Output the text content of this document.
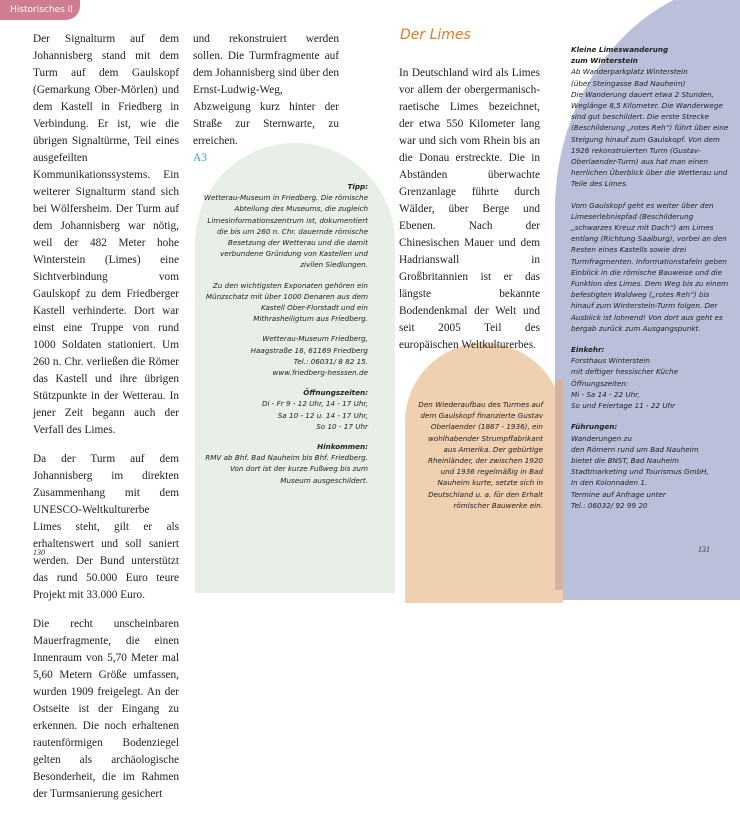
Historisches II

Der Signalturm auf dem Johannisberg stand mit dem Turm auf dem Gaulskopf (Gemarkung Ober-Mörlen) und dem Kastell in Friedberg in Verbindung. Er ist, wie die übrigen Signaltürme, Teil eines ausgefeilten Kommunikationssystems. Ein weiterer Signalturm stand sich bei Wölfersheim. Der Turm auf dem Johannisberg war nötig, weil der 482 Meter hohe Winterstein (Limes) eine Sichtverbindung vom Gaulskopf zu dem Friedberger Kastell verhinderte. Dort war einst eine Truppe von rund 1000 Soldaten stationiert. Um 260 n. Chr. verließen die Römer das Kastell und ihre übrigen Stützpunkte in der Wetterau. In jener Zeit begann auch der Verfall des Limes.

Da der Turm auf dem Johannisberg im direkten Zusammenhang mit dem UNESCO-Weltkulturerbe Limes steht, gilt er als erhaltenswert und soll saniert werden. Der Bund unterstützt das rund 50.000 Euro teure Projekt mit 33.000 Euro.

Die recht unscheinbaren Mauerfragmente, die einen Innenraum von 5,70 Meter mal 5,60 Metern Größe umfassen, wurden 1909 freigelegt. An der Ostseite ist der Eingang zu erkennen. Die noch erhaltenen rautenförmigen Bodenziegel gelten als archäologische Besonderheit, die im Rahmen der Turmsanierung gesichert

und rekonstruiert werden sollen. Die Turmfragmente auf dem Johannisberg sind über den Ernst-Ludwig-Weg, Abzweigung kurz hinter der Straße zur Sternwarte, zu erreichen.
A3
Tipp:

Wetterau-Museum in Friedberg. Die römische Abteilung des Museums, die zugleich Limesinformationszentrum ist, dokumentiert die bis um 260 n. Chr. dauernde römische Besetzung der Wetterau und die damit verbundene Gründung von Kastellen und zivilen Siedlungen.

Zu den wichtigsten Exponaten gehören ein Münzschatz mit über 1000 Denaren aus dem Kastell Ober-Florstadt und ein Mithrasheiligtum aus Friedberg.

Wetterau-Museum Friedberg,
Haagstraße 16, 61169 Friedberg
Tel.: 06031/ 8 82 15.
www.friedberg-hesssen.de

Öffnungszeiten:

Di - Fr 9 - 12 Uhr, 14 - 17 Uhr,
Sa 10 - 12 u. 14 - 17 Uhr,
So 10 - 17 Uhr

Hinkommen:

RMV ab Bhf. Bad Nauheim bis Bhf. Friedberg. Von dort ist der kurze Fußweg bis zum Museum ausgeschildert.

130
Der Limes

In Deutschland wird als Limes vor allem der obergermanisch-raetische Limes bezeichnet, der etwa 550 Kilometer lang war und sich vom Rhein bis an die Donau erstreckte. Die in Abständen überwachte Grenzanlage führte durch Wälder, über Berge und Ebenen. Nach der Chinesischen Mauer und dem Hadrianswall in Großbritannien ist er das längste bekannte Bodendenkmal der Welt und seit 2005 Teil des europäischen Weltkulturerbes.

Den Wiederaufbau des Turmes auf dem Gaulskopf finanzierte Gustav Oberlaender (1867 - 1936), ein wohlhabender Strumpffabrikant aus Amerika. Der gebürtige Rheinländer, der zwischen 1920 und 1936 regelmäßig in Bad Nauheim kurte, setzte sich in Deutschland u. a. für den Erhalt römischer Bauwerke ein.

Kleine Limeswanderung
zum Winterstein

Ab Wanderparkplatz Winterstein
(über Steingasse Bad Nauheim)
Die Wanderung dauert etwa 2 Stunden, Weglänge 8,5 Kilometer. Die Wanderwege sind gut beschildert. Die erste Strecke (Beschilderung „rotes Reh“) führt über eine Steigung hinauf zum Gaulskopf. Von dem 1926 rekonstruierten Turm (Gustav-Oberlaender-Turm) aus hat man einen herrlichen Überblick über die Wetterau und Teile des Limes.

Vom Gaulskopf geht es weiter über den Limeserlebnispfad (Beschilderung „schwarzes Kreuz mit Dach“) am Limes entlang (Richtung Saalburg), vorbei an den Resten eines Kastells sowie drei Turmfragmenten. Informationstafeln geben Einblick in die römische Bauweise und die Funktion des Limes. Dem Weg bis zu einem befestigten Waldweg („rotes Reh“) bis hinauf zum Winterstein-Turm folgen. Der Ausblick ist lohnend! Von dort aus geht es bergab zurück zum Ausgangspunkt.

Einkehr:

Forsthaus Winterstein
mit deftiger hessischer Küche
Öffnungszeiten:
Mi - Sa 14 - 22 Uhr,
So und Feiertage 11 - 22 Uhr

Führungen:

Wanderungen zu
den Römern rund um Bad Nauheim
bietet die BNST, Bad Nauheim
Stadtmarketing und Tourismus GmbH,
In den Kolonnaden 1.
Termine auf Anfrage unter
Tel.: 06032/ 92 99 20

131
